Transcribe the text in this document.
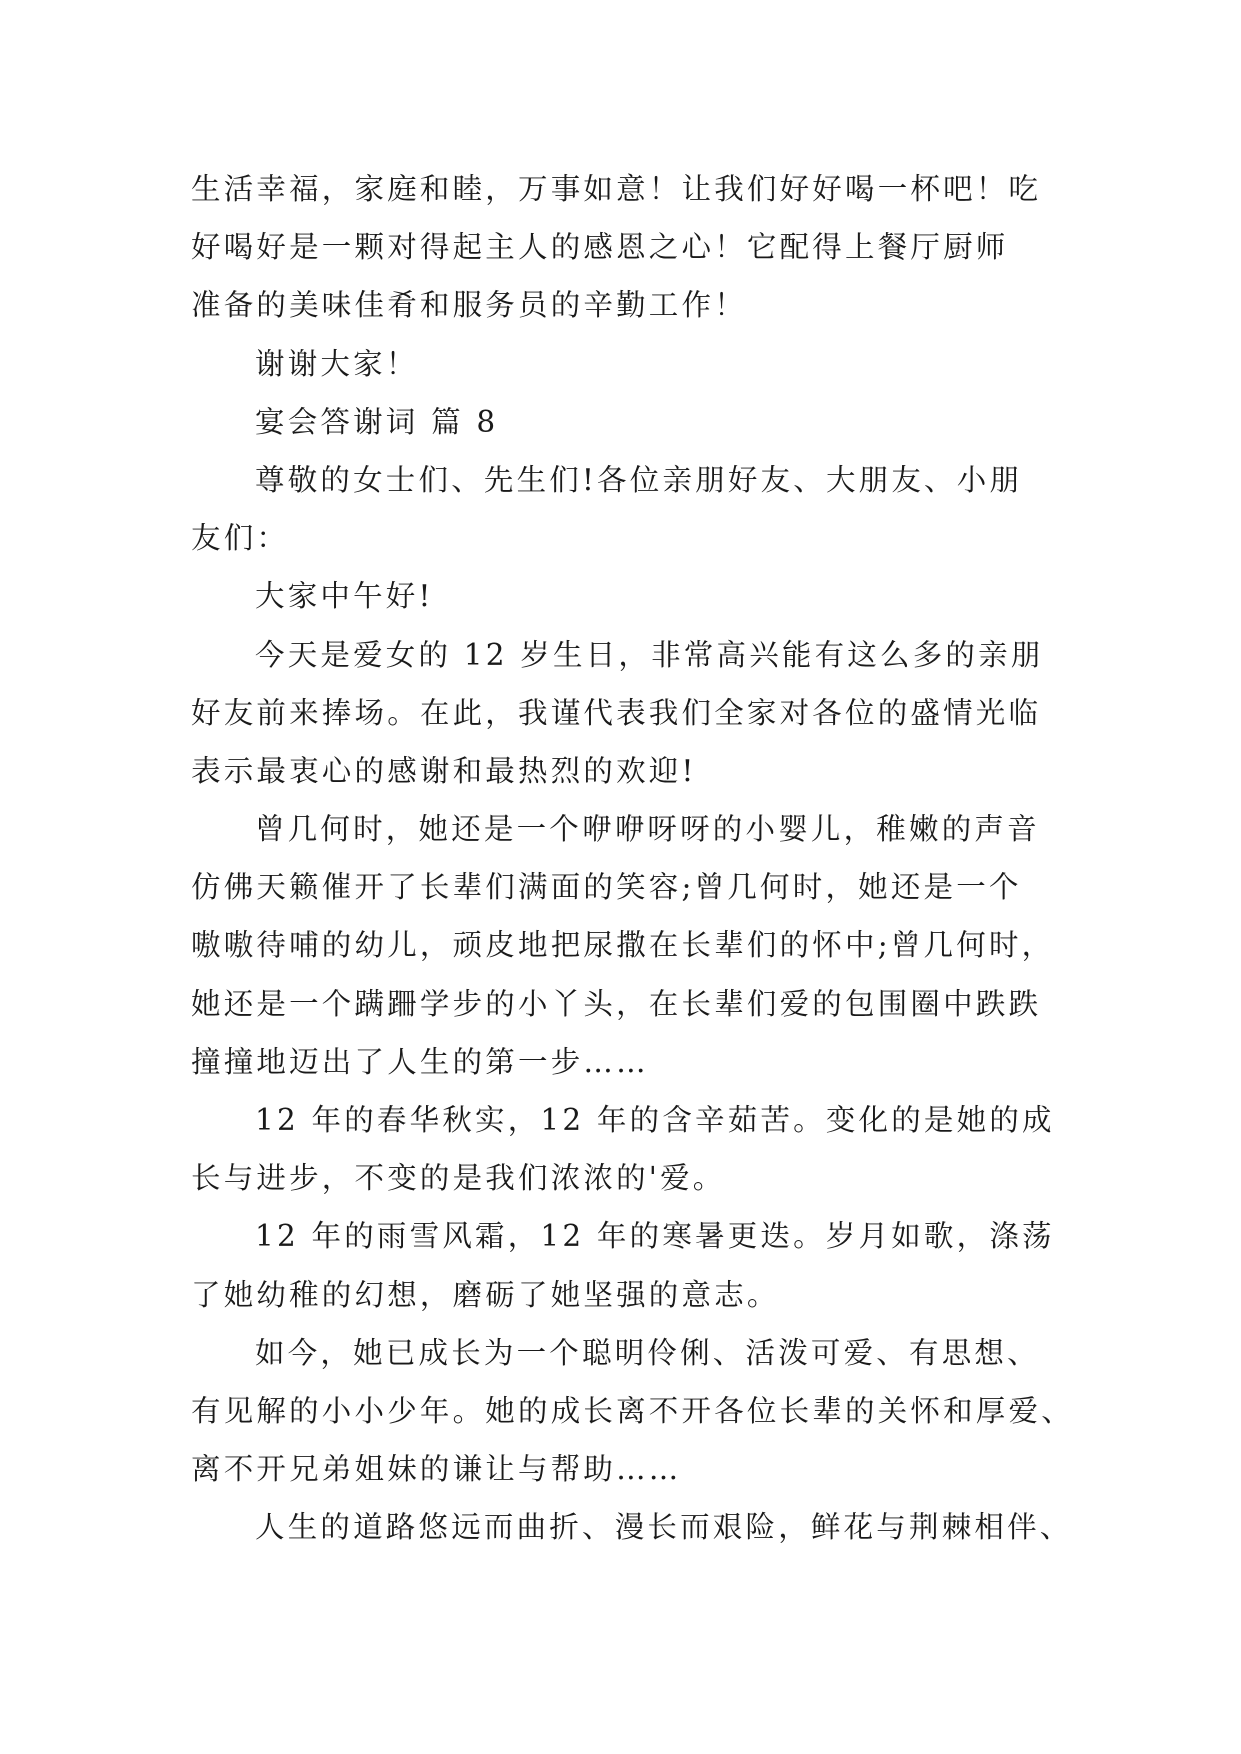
生活幸福，家庭和睦，万事如意！让我们好好喝一杯吧！吃
好喝好是一颗对得起主人的感恩之心！它配得上餐厅厨师
准备的美味佳肴和服务员的辛勤工作！
谢谢大家！
宴会答谢词 篇 8
尊敬的女士们、先生们!各位亲朋好友、大朋友、小朋
友们：
大家中午好!
今天是爱女的 12 岁生日，非常高兴能有这么多的亲朋
好友前来捧场。在此，我谨代表我们全家对各位的盛情光临
表示最衷心的感谢和最热烈的欢迎!
曾几何时，她还是一个咿咿呀呀的小婴儿，稚嫩的声音
仿佛天籁催开了长辈们满面的笑容;曾几何时，她还是一个
嗷嗷待哺的幼儿，顽皮地把尿撒在长辈们的怀中;曾几何时，
她还是一个蹒跚学步的小丫头，在长辈们爱的包围圈中跌跌
撞撞地迈出了人生的第一步……
12 年的春华秋实，12 年的含辛茹苦。变化的是她的成
长与进步，不变的是我们浓浓的'爱。
12 年的雨雪风霜，12 年的寒暑更迭。岁月如歌，涤荡
了她幼稚的幻想，磨砺了她坚强的意志。
如今，她已成长为一个聪明伶俐、活泼可爱、有思想、
有见解的小小少年。她的成长离不开各位长辈的关怀和厚爱、
离不开兄弟姐妹的谦让与帮助……
人生的道路悠远而曲折、漫长而艰险，鲜花与荆棘相伴、
